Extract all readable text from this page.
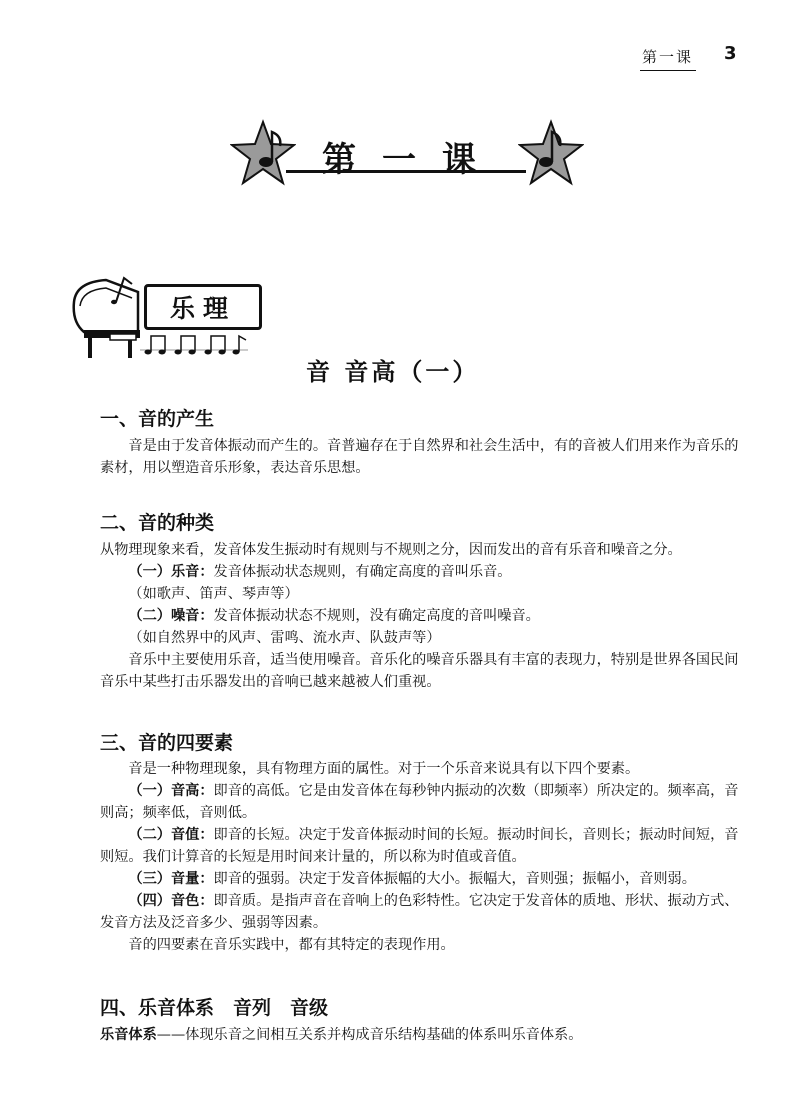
第一课 3
第一课
乐理
音 音高（一）
一、音的产生
音是由于发音体振动而产生的。音普遍存在于自然界和社会生活中，有的音被人们用来作为音乐的素材，用以塑造音乐形象，表达音乐思想。
二、音的种类
从物理现象来看，发音体发生振动时有规则与不规则之分，因而发出的音有乐音和噪音之分。
（一）乐音：发音体振动状态规则，有确定高度的音叫乐音。
（如歌声、笛声、琴声等）
（二）噪音：发音体振动状态不规则，没有确定高度的音叫噪音。
（如自然界中的风声、雷鸣、流水声、队鼓声等）
音乐中主要使用乐音，适当使用噪音。音乐化的噪音乐器具有丰富的表现力，特别是世界各国民间音乐中某些打击乐器发出的音响已越来越被人们重视。
三、音的四要素
音是一种物理现象，具有物理方面的属性。对于一个乐音来说具有以下四个要素。
（一）音高：即音的高低。它是由发音体在每秒钟内振动的次数（即频率）所决定的。频率高，音则高；频率低，音则低。
（二）音值：即音的长短。决定于发音体振动时间的长短。振动时间长，音则长；振动时间短，音则短。我们计算音的长短是用时间来计量的，所以称为时值或音值。
（三）音量：即音的强弱。决定于发音体振幅的大小。振幅大，音则强；振幅小，音则弱。
（四）音色：即音质。是指声音在音响上的色彩特性。它决定于发音体的质地、形状、振动方式、发音方法及泛音多少、强弱等因素。
音的四要素在音乐实践中，都有其特定的表现作用。
四、乐音体系　音列　音级
乐音体系——体现乐音之间相互关系并构成音乐结构基础的体系叫乐音体系。
